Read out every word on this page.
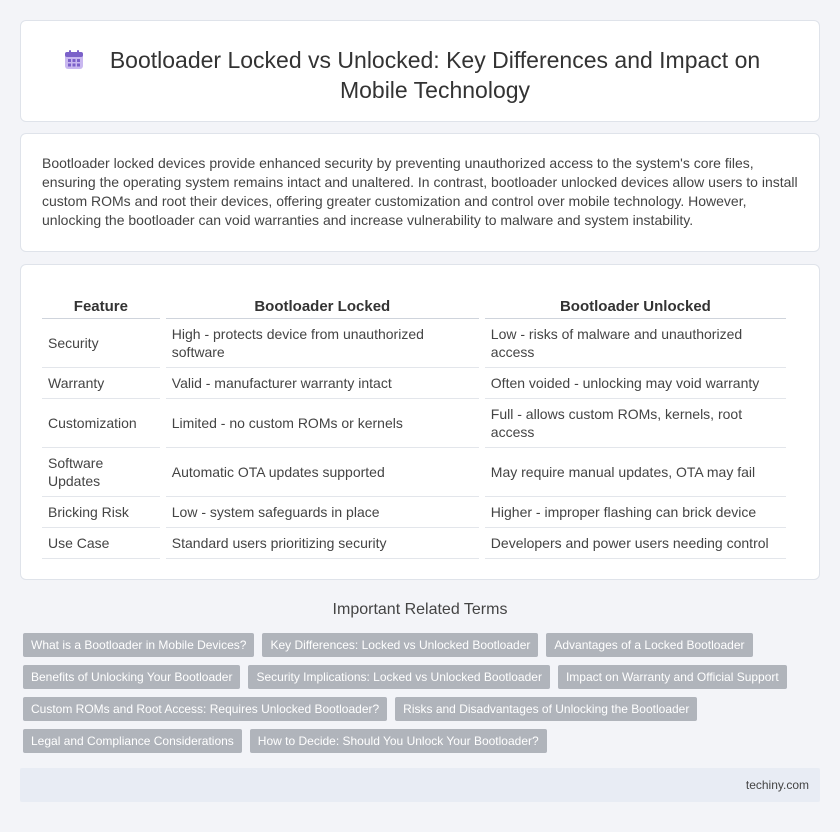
Bootloader Locked vs Unlocked: Key Differences and Impact on Mobile Technology

Bootloader locked devices provide enhanced security by preventing unauthorized access to the system's core files, ensuring the operating system remains intact and unaltered. In contrast, bootloader unlocked devices allow users to install custom ROMs and root their devices, offering greater customization and control over mobile technology. However, unlocking the bootloader can void warranties and increase vulnerability to malware and system instability.

Feature	Bootloader Locked	Bootloader Unlocked
Security	High - protects device from unauthorized software	Low - risks of malware and unauthorized access
Warranty	Valid - manufacturer warranty intact	Often voided - unlocking may void warranty
Customization	Limited - no custom ROMs or kernels	Full - allows custom ROMs, kernels, root access
Software Updates	Automatic OTA updates supported	May require manual updates, OTA may fail
Bricking Risk	Low - system safeguards in place	Higher - improper flashing can brick device
Use Case	Standard users prioritizing security	Developers and power users needing control
Important Related Terms
What is a Bootloader in Mobile Devices?	Key Differences: Locked vs Unlocked Bootloader	Advantages of a Locked Bootloader
Benefits of Unlocking Your Bootloader	Security Implications: Locked vs Unlocked Bootloader	Impact on Warranty and Official Support
Custom ROMs and Root Access: Requires Unlocked Bootloader?	Risks and Disadvantages of Unlocking the Bootloader
Legal and Compliance Considerations	How to Decide: Should You Unlock Your Bootloader?
techiny.com
